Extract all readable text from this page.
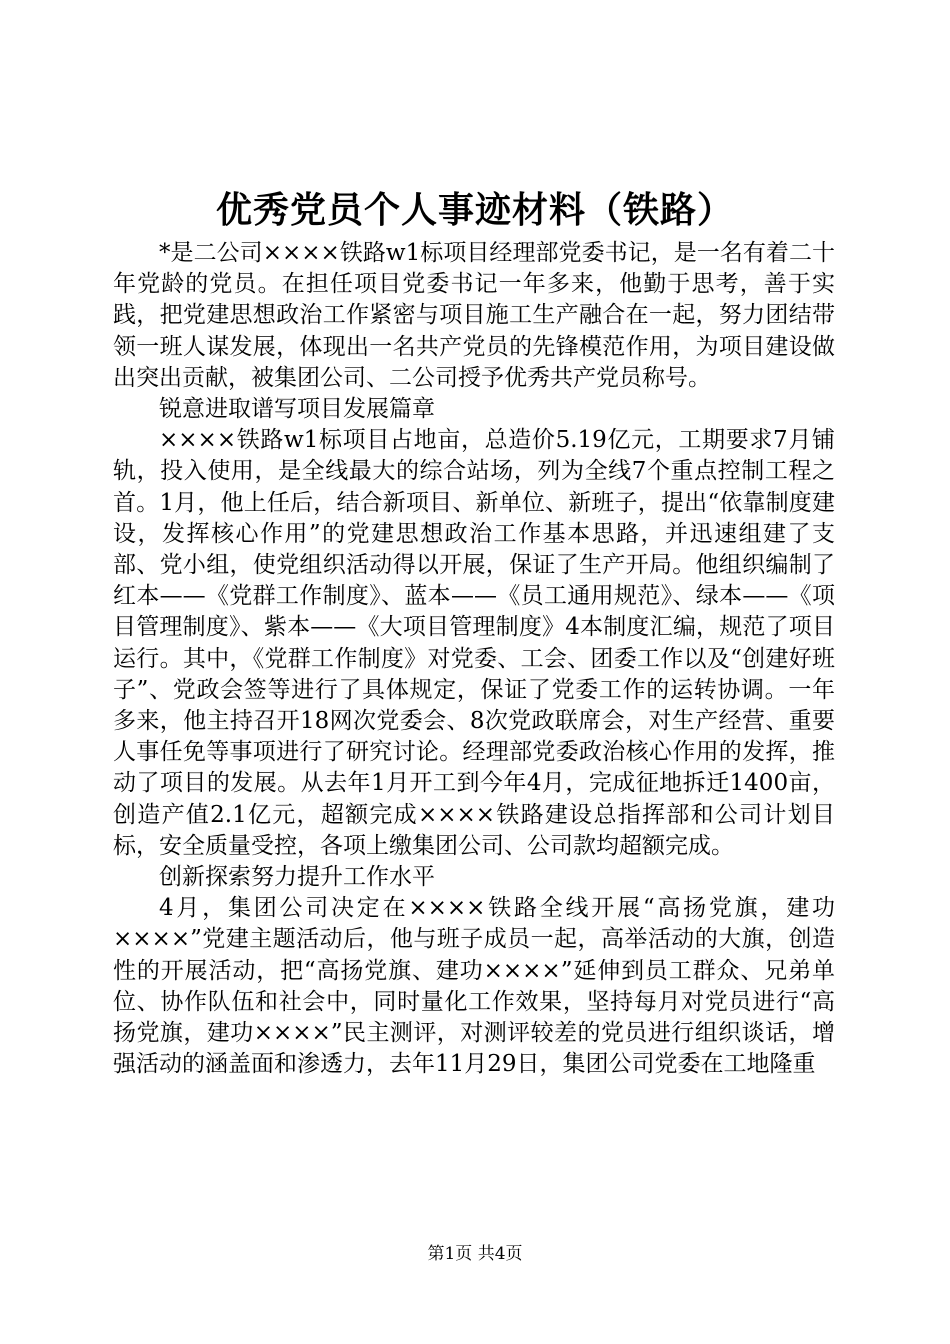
优秀党员个人事迹材料（铁路）

*是二公司××××铁路w1标项目经理部党委书记，是一名有着二十年党龄的党员。在担任项目党委书记一年多来，他勤于思考，善于实践，把党建思想政治工作紧密与项目施工生产融合在一起，努力团结带领一班人谋发展，体现出一名共产党员的先锋模范作用，为项目建设做出突出贡献，被集团公司、二公司授予优秀共产党员称号。

锐意进取谱写项目发展篇章

××××铁路w1标项目占地亩，总造价5.19亿元，工期要求7月铺轨，投入使用，是全线最大的综合站场，列为全线7个重点控制工程之首。1月，他上任后，结合新项目、新单位、新班子，提出“依靠制度建设，发挥核心作用”的党建思想政治工作基本思路，并迅速组建了支部、党小组，使党组织活动得以开展，保证了生产开局。他组织编制了红本——《党群工作制度》、蓝本——《员工通用规范》、绿本——《项目管理制度》、紫本——《大项目管理制度》4本制度汇编，规范了项目运行。其中，《党群工作制度》对党委、工会、团委工作以及“创建好班子”、党政会签等进行了具体规定，保证了党委工作的运转协调。一年多来，他主持召开18网次党委会、8次党政联席会，对生产经营、重要人事任免等事项进行了研究讨论。经理部党委政治核心作用的发挥，推动了项目的发展。从去年1月开工到今年4月，完成征地拆迁1400亩，创造产值2.1亿元，超额完成××××铁路建设总指挥部和公司计划目标，安全质量受控，各项上缴集团公司、公司款均超额完成。

创新探索努力提升工作水平

4月，集团公司决定在××××铁路全线开展“高扬党旗，建功××××”党建主题活动后，他与班子成员一起，高举活动的大旗，创造性的开展活动，把“高扬党旗、建功××××”延伸到员工群众、兄弟单位、协作队伍和社会中，同时量化工作效果，坚持每月对党员进行“高扬党旗，建功××××”民主测评，对测评较差的党员进行组织谈话，增强活动的涵盖面和渗透力，去年11月29日，集团公司党委在工地隆重

第1页 共4页
